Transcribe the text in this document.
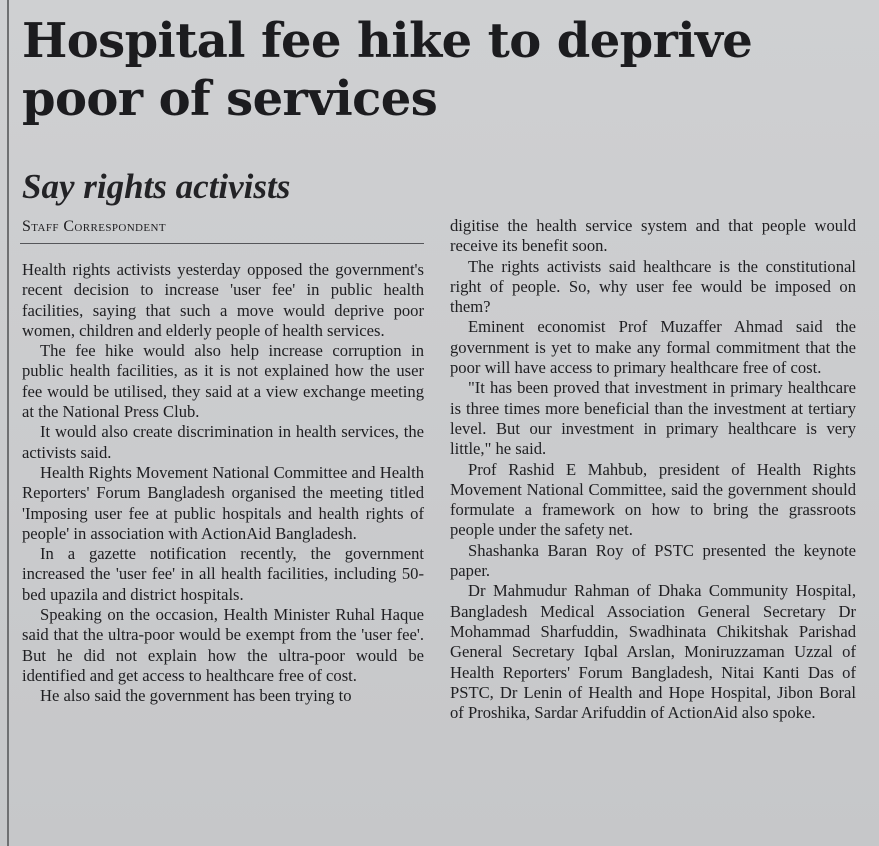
Hospital fee hike to deprive poor of services
Say rights activists
Staff Correspondent

Health rights activists yesterday opposed the government's recent decision to increase 'user fee' in public health facilities, saying that such a move would deprive poor women, children and elderly people of health services.

The fee hike would also help increase corruption in public health facilities, as it is not explained how the user fee would be utilised, they said at a view exchange meeting at the National Press Club.

It would also create discrimination in health services, the activists said.

Health Rights Movement National Committee and Health Reporters' Forum Bangladesh organised the meeting titled 'Imposing user fee at public hospitals and health rights of people' in association with ActionAid Bangladesh.

In a gazette notification recently, the government increased the 'user fee' in all health facilities, including 50-bed upazila and district hospitals.

Speaking on the occasion, Health Minister Ruhal Haque said that the ultra-poor would be exempt from the 'user fee'. But he did not explain how the ultra-poor would be identified and get access to healthcare free of cost.

He also said the government has been trying to

digitise the health service system and that people would receive its benefit soon.

The rights activists said healthcare is the constitutional right of people. So, why user fee would be imposed on them?

Eminent economist Prof Muzaffer Ahmad said the government is yet to make any formal commitment that the poor will have access to primary healthcare free of cost.

"It has been proved that investment in primary healthcare is three times more beneficial than the investment at tertiary level. But our investment in primary healthcare is very little," he said.

Prof Rashid E Mahbub, president of Health Rights Movement National Committee, said the government should formulate a framework on how to bring the grassroots people under the safety net.

Shashanka Baran Roy of PSTC presented the keynote paper.

Dr Mahmudur Rahman of Dhaka Community Hospital, Bangladesh Medical Association General Secretary Dr Mohammad Sharfuddin, Swadhinata Chikitshak Parishad General Secretary Iqbal Arslan, Moniruzzaman Uzzal of Health Reporters' Forum Bangladesh, Nitai Kanti Das of PSTC, Dr Lenin of Health and Hope Hospital, Jibon Boral of Proshika, Sardar Arifuddin of ActionAid also spoke.
